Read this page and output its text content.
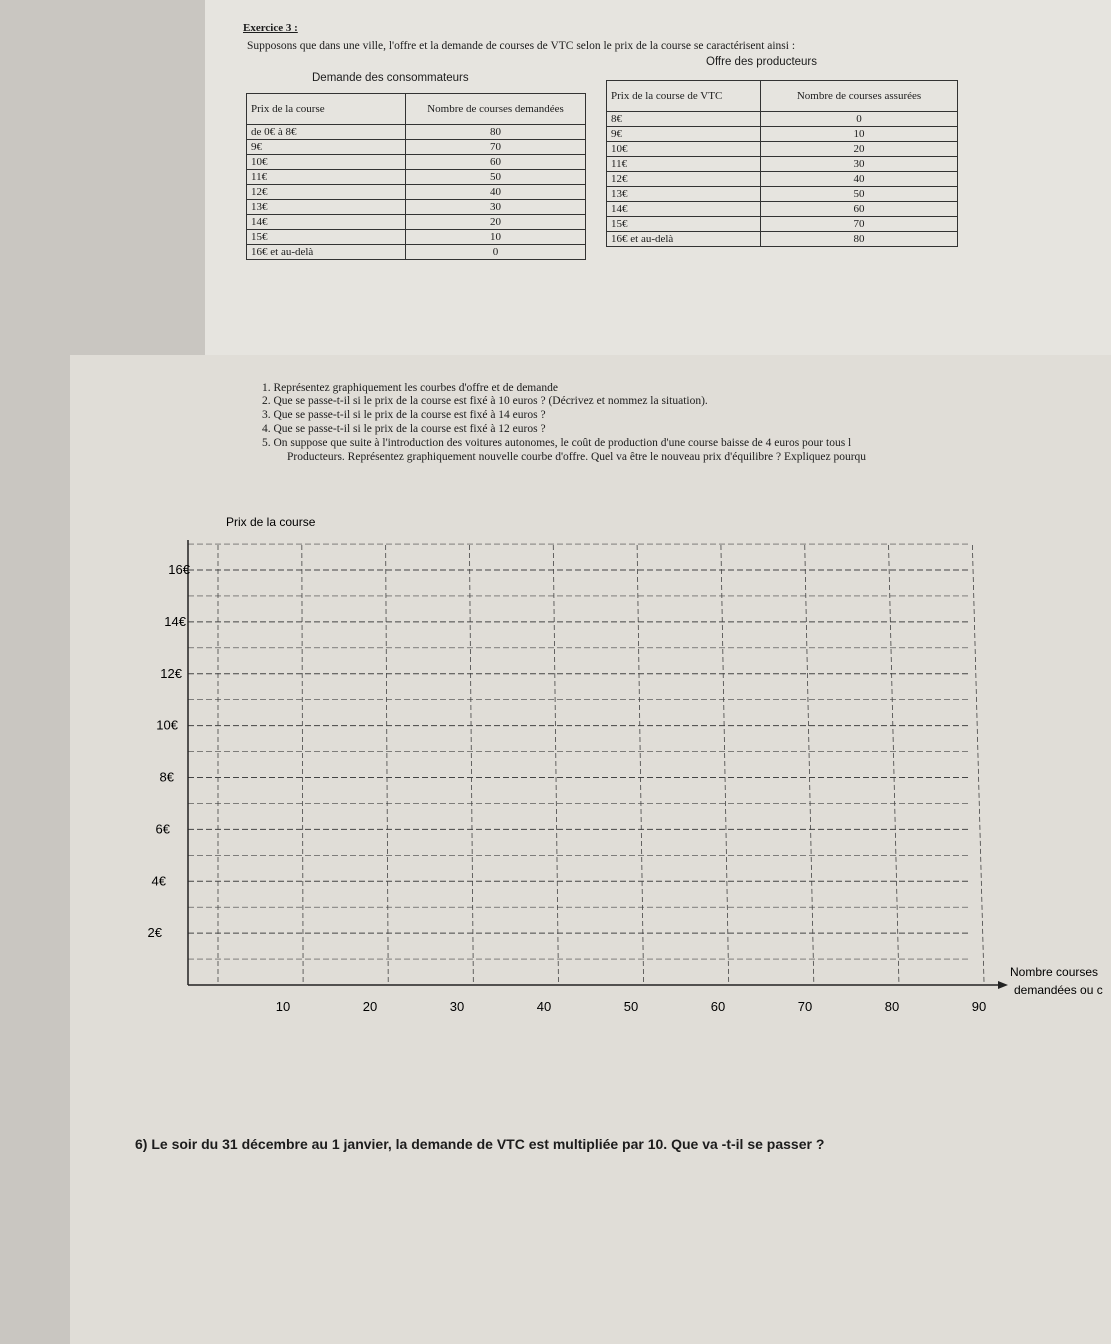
Exercice 3 :
Supposons que dans une ville, l'offre et la demande de courses de VTC selon le prix de la course se caractérisent ainsi :
Demande des consommateurs
Prix de la course	Nombre de courses demandées
de 0€ à 8€	80
9€	70
10€	60
11€	50
12€	40
13€	30
14€	20
15€	10
16€ et au-delà	0
Offre des producteurs
Prix de la course de VTC	Nombre de courses assurées
8€	0
9€	10
10€	20
11€	30
12€	40
13€	50
14€	60
15€	70
16€ et au-delà	80
1. Représentez graphiquement les courbes d'offre et de demande
2. Que se passe-t-il si le prix de la course est fixé à 10 euros ? (Décrivez et nommez la situation).
3. Que se passe-t-il si le prix de la course est fixé à 14 euros ?
4. Que se passe-t-il si le prix de la course est fixé à 12 euros ?
5. On suppose que suite à l'introduction des voitures autonomes, le coût de production d'une course baisse de 4 euros pour tous l
Producteurs. Représentez graphiquement nouvelle courbe d'offre. Quel va être le nouveau prix d'équilibre ? Expliquez pourqu
16€
14€
12€
10€
8€
6€
4€
2€
10	20	30	40	50	60	70	80	90
Prix de la course
Nombre courses
demandées ou c
6) Le soir du 31 décembre au 1 janvier, la demande de VTC est multipliée par 10. Que va -t-il se passer ?
